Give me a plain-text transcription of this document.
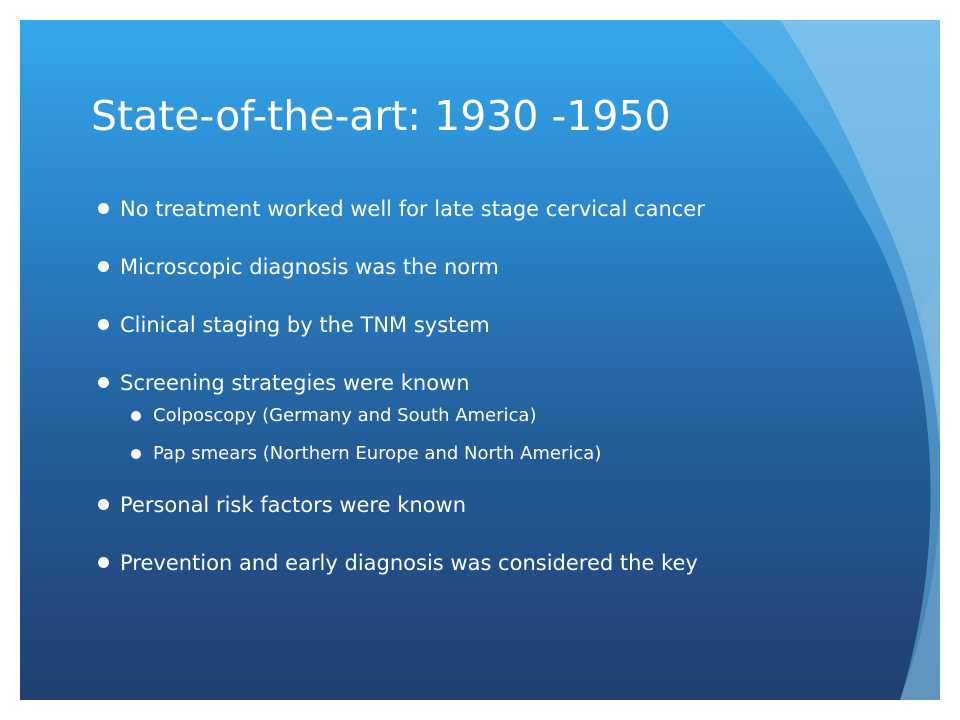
State-of-the-art: 1930 -1950
No treatment worked well for late stage cervical cancer
Microscopic diagnosis was the norm
Clinical staging by the TNM system
Screening strategies were known
Colposcopy (Germany and South America)
Pap smears (Northern Europe and North America)
Personal risk factors were known
Prevention and early diagnosis was considered the key
